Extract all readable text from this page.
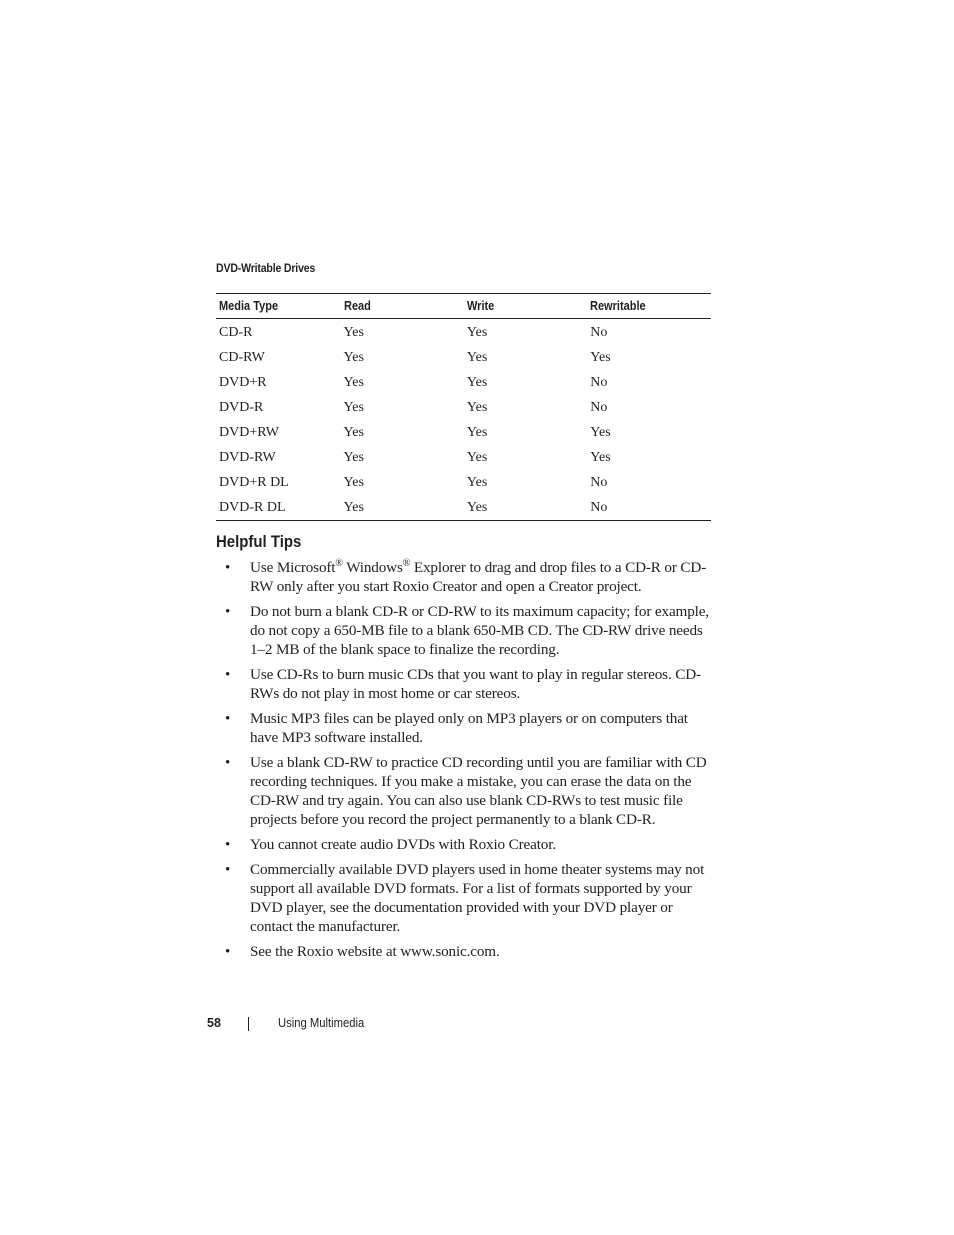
DVD-Writable Drives
Media Type	Read	Write	Rewritable
CD-R	Yes	Yes	No
CD-RW	Yes	Yes	Yes
DVD+R	Yes	Yes	No
DVD-R	Yes	Yes	No
DVD+RW	Yes	Yes	Yes
DVD-RW	Yes	Yes	Yes
DVD+R DL	Yes	Yes	No
DVD-R DL	Yes	Yes	No
Helpful Tips
• Use Microsoft® Windows® Explorer to drag and drop files to a CD-R or CD-RW only after you start Roxio Creator and open a Creator project.
• Do not burn a blank CD-R or CD-RW to its maximum capacity; for example, do not copy a 650-MB file to a blank 650-MB CD. The CD-RW drive needs 1–2 MB of the blank space to finalize the recording.
• Use CD-Rs to burn music CDs that you want to play in regular stereos. CD-RWs do not play in most home or car stereos.
• Music MP3 files can be played only on MP3 players or on computers that have MP3 software installed.
• Use a blank CD-RW to practice CD recording until you are familiar with CD recording techniques. If you make a mistake, you can erase the data on the CD-RW and try again. You can also use blank CD-RWs to test music file projects before you record the project permanently to a blank CD-R.
• You cannot create audio DVDs with Roxio Creator.
• Commercially available DVD players used in home theater systems may not support all available DVD formats. For a list of formats supported by your DVD player, see the documentation provided with your DVD player or contact the manufacturer.
• See the Roxio website at www.sonic.com.
58	Using Multimedia
